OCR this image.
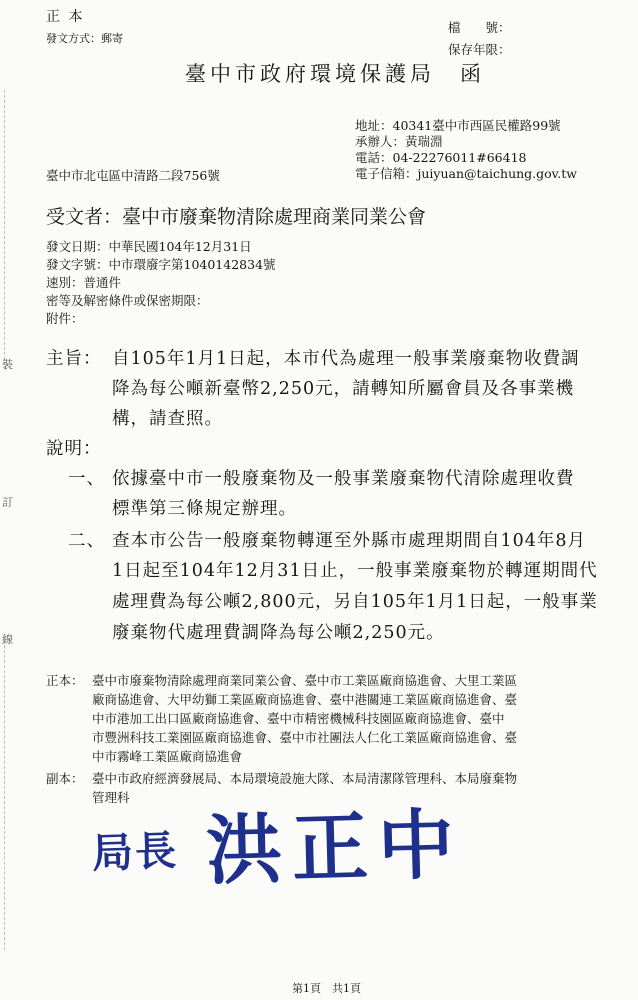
正 本
發文方式：郵寄
檔　　號：
保存年限：
臺中市政府環境保護局　函
地址：40341臺中市西區民權路99號
承辦人：黃瑞淵
電話：04-22276011#66418
電子信箱：juiyuan@taichung.gov.tw
臺中市北屯區中清路二段756號
受文者：臺中市廢棄物清除處理商業同業公會
發文日期：中華民國104年12月31日
發文字號：中市環廢字第1040142834號
速別：普通件
密等及解密條件或保密期限：
附件：
主旨： 自105年1月1日起，本市代為處理一般事業廢棄物收費調
降為每公噸新臺幣2,250元，請轉知所屬會員及各事業機
構，請查照。
說明：
一、 依據臺中市一般廢棄物及一般事業廢棄物代清除處理收費
標準第三條規定辦理。
二、 查本市公告一般廢棄物轉運至外縣市處理期間自104年8月
1日起至104年12月31日止，一般事業廢棄物於轉運期間代
處理費為每公噸2,800元，另自105年1月1日起，一般事業
廢棄物代處理費調降為每公噸2,250元。
正本： 臺中市廢棄物清除處理商業同業公會、臺中市工業區廠商協進會、大里工業區
廠商協進會、大甲幼獅工業區廠商協進會、臺中港關連工業區廠商協進會、臺
中市港加工出口區廠商協進會、臺中市精密機械科技園區廠商協進會、臺中
市豐洲科技工業園區廠商協進會、臺中市社團法人仁化工業區廠商協進會、臺
中市霧峰工業區廠商協進會
副本： 臺中市政府經濟發展局、本局環境設施大隊、本局清潔隊管理科、本局廢棄物
管理科
局長 洪正中
裝
訂
線
第1頁　共1頁
